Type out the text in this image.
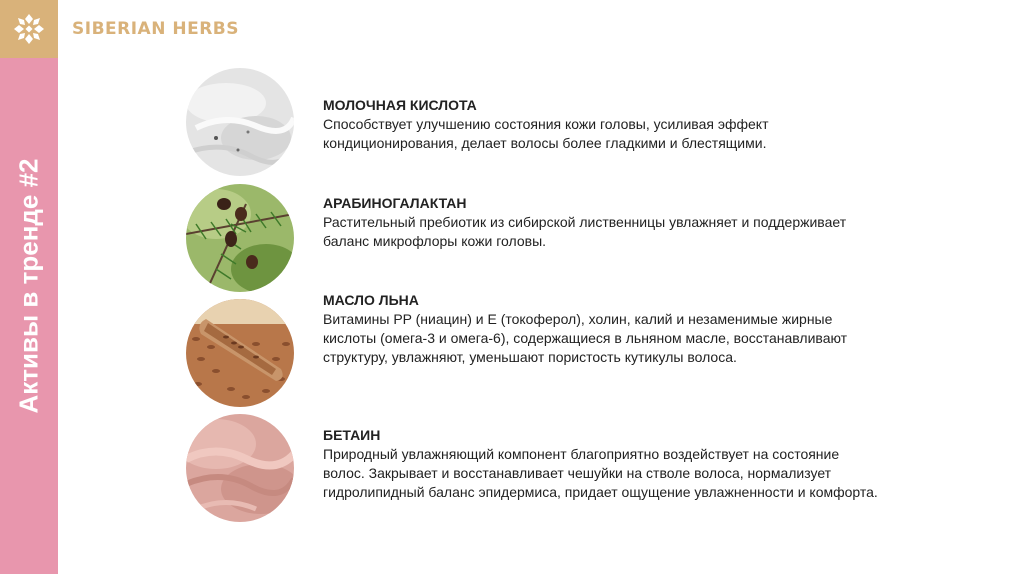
SIBERIAN HERBS
Активы в тренде #2
МОЛОЧНАЯ КИСЛОТА
Способствует улучшению состояния кожи головы, усиливая эффект кондиционирования, делает волосы более гладкими и блестящими.
АРАБИНОГАЛАКТАН
Растительный пребиотик из сибирской лиственницы увлажняет и поддерживает баланс микрофлоры кожи головы.
МАСЛО ЛЬНА
Витамины PP (ниацин) и E (токоферол), холин, калий и незаменимые жирные кислоты (омега-3 и омега-6), содержащиеся в льняном масле, восстанавливают структуру, увлажняют, уменьшают пористость кутикулы волоса.
БЕТАИН
Природный увлажняющий компонент благоприятно воздействует на состояние волос. Закрывает и восстанавливает чешуйки на стволе волоса, нормализует гидролипидный баланс эпидермиса, придает ощущение увлажненности и комфорта.
